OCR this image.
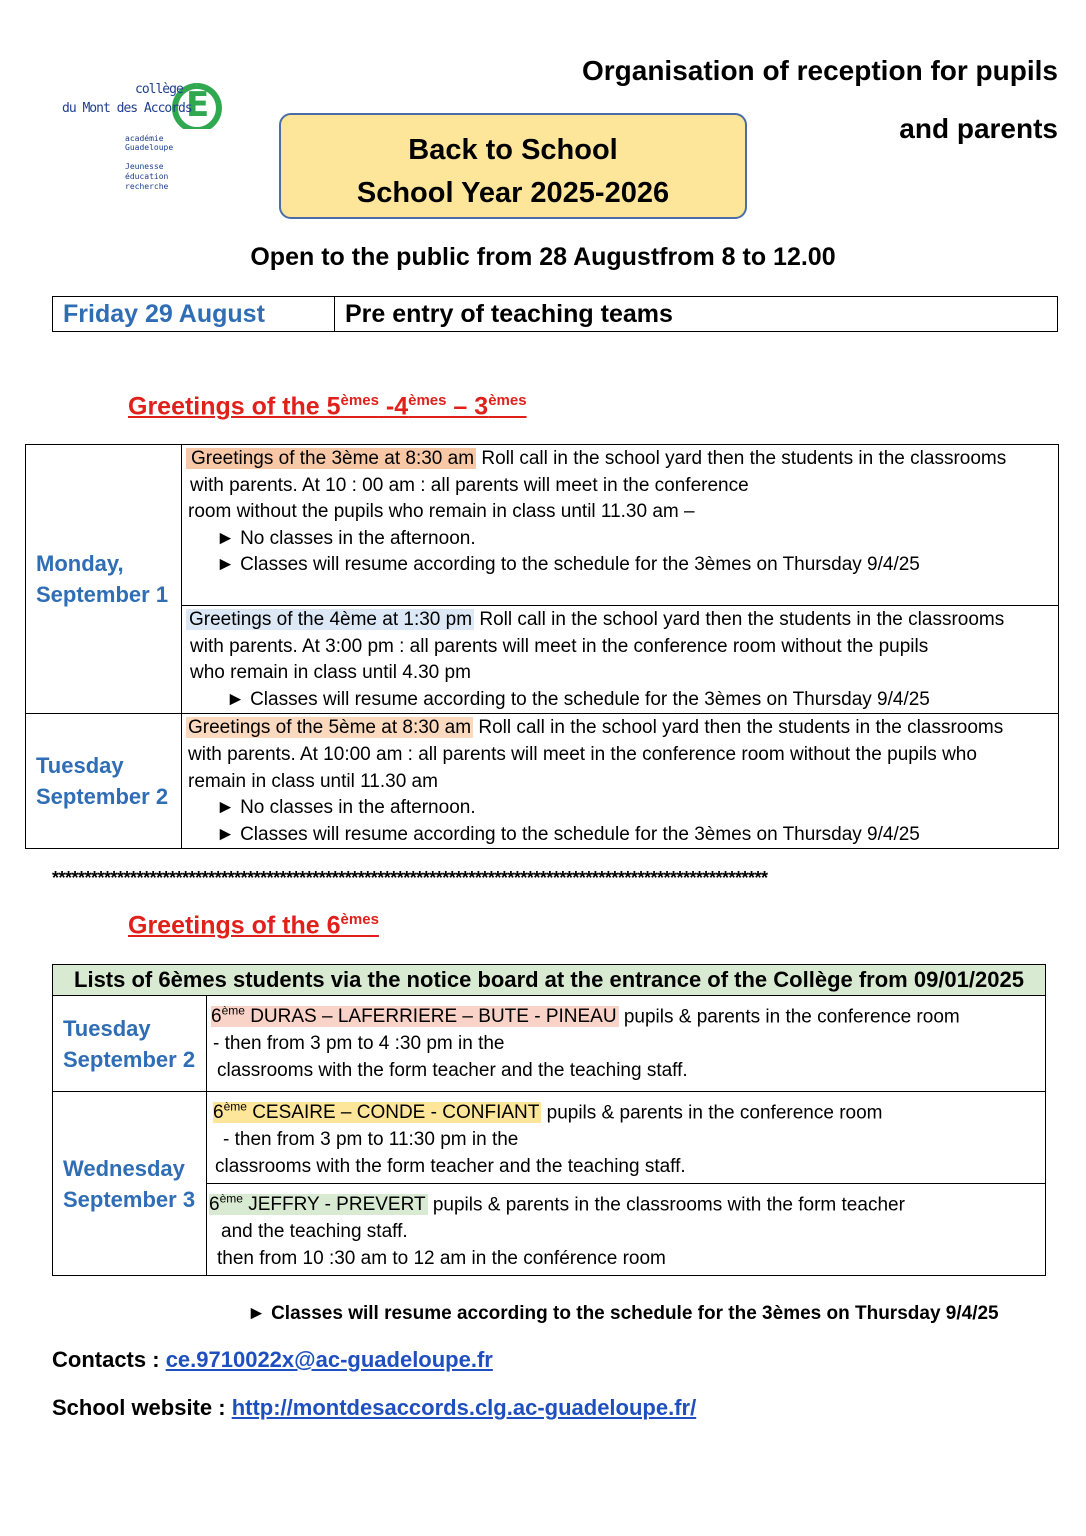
É
collège
du Mont des Accords
académie
Guadeloupe
Jeunesse
éducation
recherche
Organisation of reception for pupils
and parents
Back to School
School Year 2025-2026
Open to the public from 28 Augustfrom 8 to 12.00
Friday 29 August	Pre entry of teaching teams
Greetings of the 5èmes -4èmes – 3èmes
Monday,
September 1	Greetings of the 3ème at 8:30 am Roll call in the school yard then the students in the classrooms
with parents. At 10 : 00 am : all parents will meet in the conference
room without the pupils who remain in class until 11.30 am –
► No classes in the afternoon.
► Classes will resume according to the schedule for the 3èmes on Thursday 9/4/25

	Greetings of the 4ème at 1:30 pm Roll call in the school yard then the students in the classrooms
with parents. At 3:00 pm : all parents will meet in the conference room without the pupils
who remain in class until 4.30 pm
► Classes will resume according to the schedule for the 3èmes on Thursday 9/4/25

Tuesday
September 2	Greetings of the 5ème at 8:30 am Roll call in the school yard then the students in the classrooms
with parents. At 10:00 am : all parents will meet in the conference room without the pupils who
remain in class until 11.30 am
► No classes in the afternoon.
► Classes will resume according to the schedule for the 3èmes on Thursday 9/4/25
**************************************************************************************************************
Greetings of the 6èmes
Lists of 6èmes students via the notice board at the entrance of the Collège from 09/01/2025	

Tuesday
September 2	6ème DURAS – LAFERRIERE – BUTE - PINEAU pupils & parents in the conference room
- then from 3 pm to 4 :30 pm in the
classrooms with the form teacher and the teaching staff.

Wednesday
September 3	6ème CESAIRE – CONDE - CONFIANT pupils & parents in the conference room
- then from 3 pm to 11:30 pm in the
classrooms with the form teacher and the teaching staff.

	6ème JEFFRY - PREVERT pupils & parents in the classrooms with the form teacher
and the teaching staff.
then from 10 :30 am to 12 am in the conférence room
► Classes will resume according to the schedule for the 3èmes on Thursday 9/4/25
Contacts : ce.9710022x@ac-guadeloupe.fr
School website : http://montdesaccords.clg.ac-guadeloupe.fr/
